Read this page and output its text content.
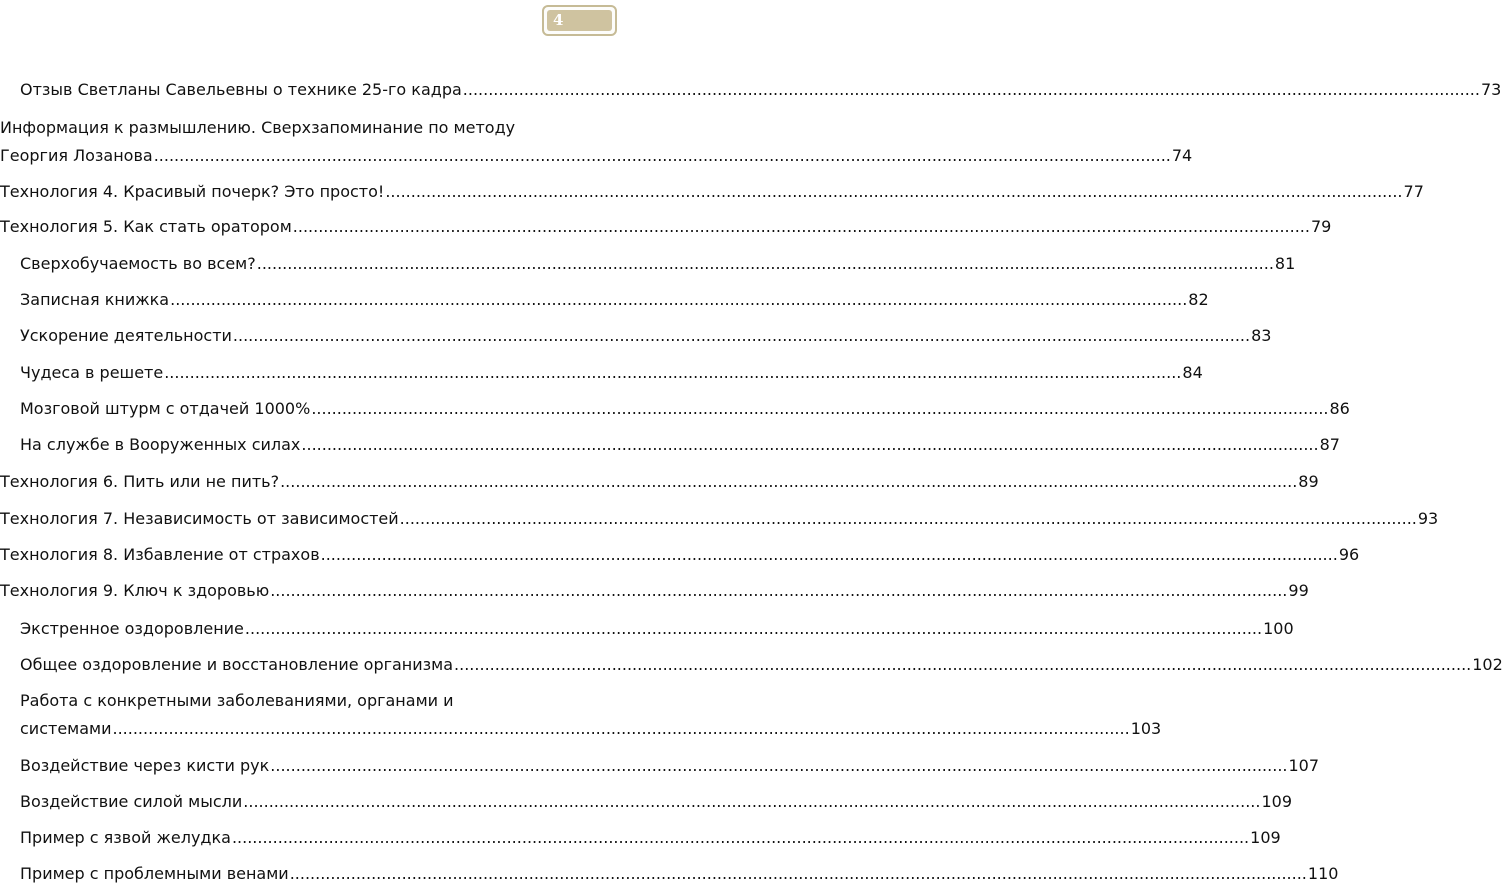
4
Отзыв Светланы Савельевны о технике 25-го кадра ........................................................................................................................................................................................................ 73
Информация к размышлению. Сверхзапоминание по методу
Георгия Лозанова ........................................................................................................................................................................................................ 74
Технология 4. Красивый почерк? Это просто! ........................................................................................................................................................................................................ 77
Технология 5. Как стать оратором ........................................................................................................................................................................................................ 79
Сверхобучаемость во всем? ........................................................................................................................................................................................................ 81
Записная книжка ........................................................................................................................................................................................................ 82
Ускорение деятельности ........................................................................................................................................................................................................ 83
Чудеса в решете ........................................................................................................................................................................................................ 84
Мозговой штурм с отдачей 1000% ........................................................................................................................................................................................................ 86
На службе в Вооруженных силах ........................................................................................................................................................................................................ 87
Технология 6. Пить или не пить? ........................................................................................................................................................................................................ 89
Технология 7. Независимость от зависимостей ........................................................................................................................................................................................................ 93
Технология 8. Избавление от страхов ........................................................................................................................................................................................................ 96
Технология 9. Ключ к здоровью ........................................................................................................................................................................................................ 99
Экстренное оздоровление ........................................................................................................................................................................................................ 100
Общее оздоровление и восстановление организма ........................................................................................................................................................................................................ 102
Работа с конкретными заболеваниями, органами и
системами ........................................................................................................................................................................................................ 103
Воздействие через кисти рук ........................................................................................................................................................................................................ 107
Воздействие силой мысли ........................................................................................................................................................................................................ 109
Пример с язвой желудка ........................................................................................................................................................................................................ 109
Пример с проблемными венами ........................................................................................................................................................................................................ 110
